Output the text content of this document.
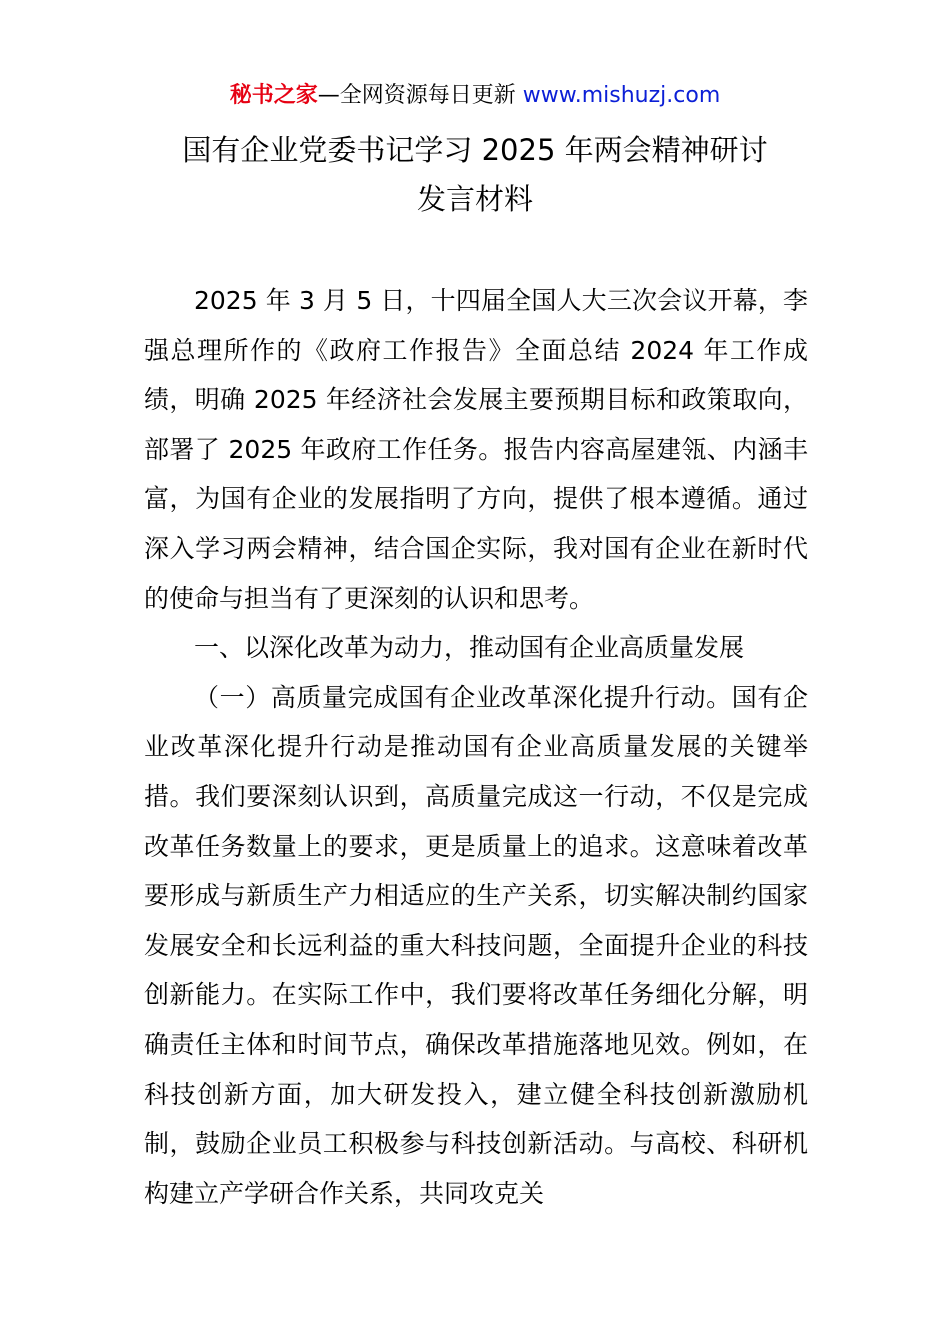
秘书之家—全网资源每日更新 www.mishuzj.com
国有企业党委书记学习 2025 年两会精神研讨
发言材料

2025 年 3 月 5 日，十四届全国人大三次会议开幕，李强总理所作的《政府工作报告》全面总结 2024 年工作成绩，明确 2025 年经济社会发展主要预期目标和政策取向，部署了 2025 年政府工作任务。报告内容高屋建瓴、内涵丰富，为国有企业的发展指明了方向，提供了根本遵循。通过深入学习两会精神，结合国企实际，我对国有企业在新时代的使命与担当有了更深刻的认识和思考。

一、以深化改革为动力，推动国有企业高质量发展

（一）高质量完成国有企业改革深化提升行动。国有企业改革深化提升行动是推动国有企业高质量发展的关键举措。我们要深刻认识到，高质量完成这一行动，不仅是完成改革任务数量上的要求，更是质量上的追求。这意味着改革要形成与新质生产力相适应的生产关系，切实解决制约国家发展安全和长远利益的重大科技问题，全面提升企业的科技创新能力。在实际工作中，我们要将改革任务细化分解，明确责任主体和时间节点，确保改革措施落地见效。例如，在科技创新方面，加大研发投入，建立健全科技创新激励机制，鼓励企业员工积极参与科技创新活动。与高校、科研机构建立产学研合作关系，共同攻克关
